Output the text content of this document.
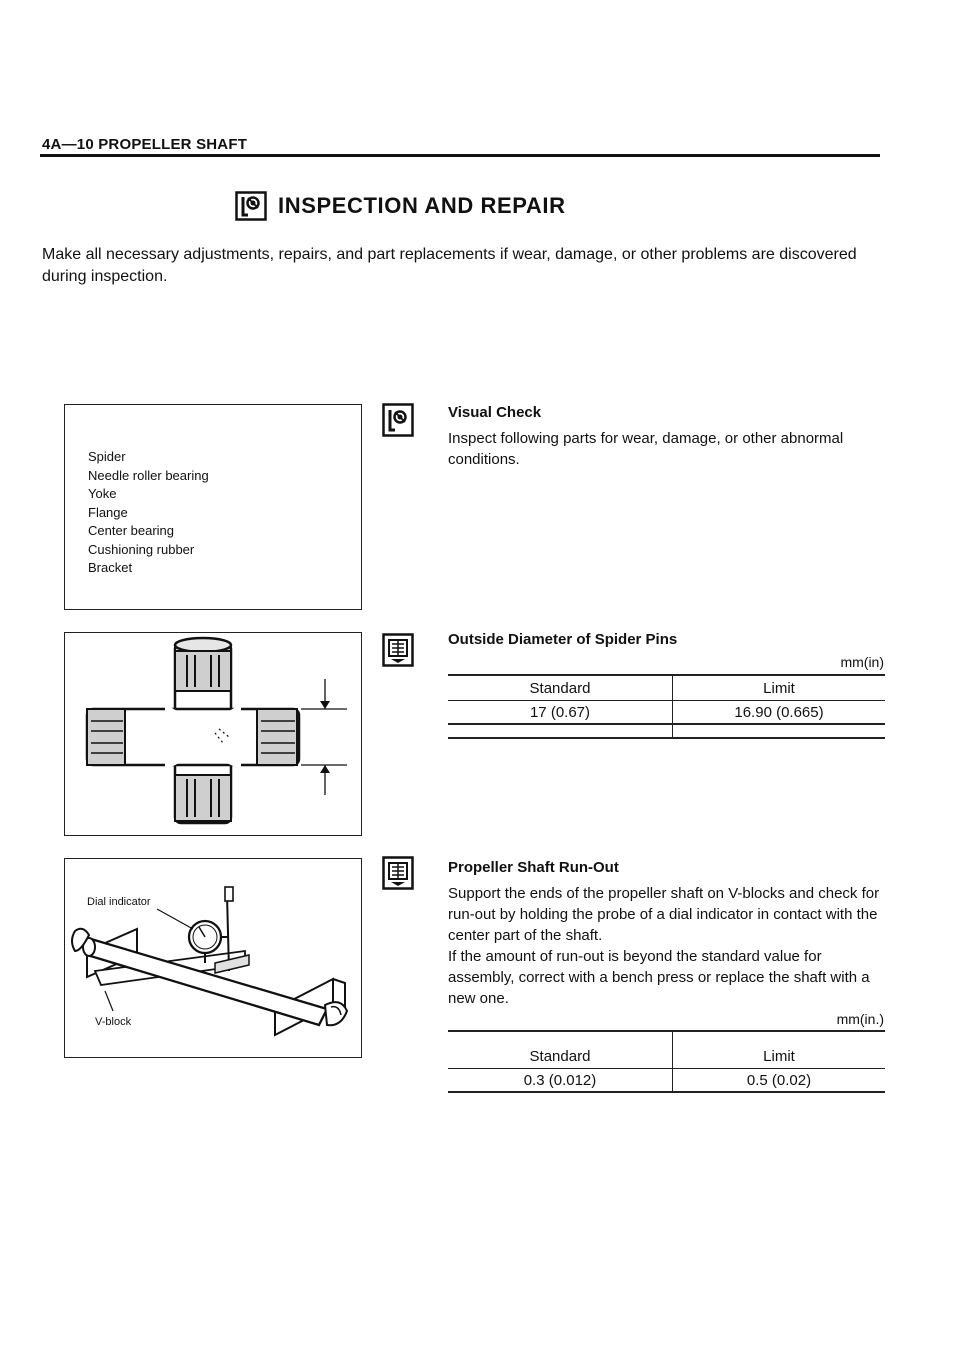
4A—10 PROPELLER SHAFT
INSPECTION AND REPAIR
Make all necessary adjustments, repairs, and part replacements if wear, damage, or other problems are discovered during inspection.
Spider
Needle roller bearing
Yoke
Flange
Center bearing
Cushioning rubber
Bracket
Dial indicator
V-block
Visual Check
Inspect following parts for wear, damage, or other abnormal conditions.
Outside Diameter of Spider Pins
mm(in)
Standard	Limit
17 (0.67)	16.90 (0.665)

Propeller Shaft Run-Out
Support the ends of the propeller shaft on V-blocks and check for run-out by holding the probe of a dial indicator in contact with the center part of the shaft.
If the amount of run-out is beyond the standard value for assembly, correct with a bench press or replace the shaft with a new one.
mm(in.)

Standard	Limit
0.3 (0.012)	0.5 (0.02)
